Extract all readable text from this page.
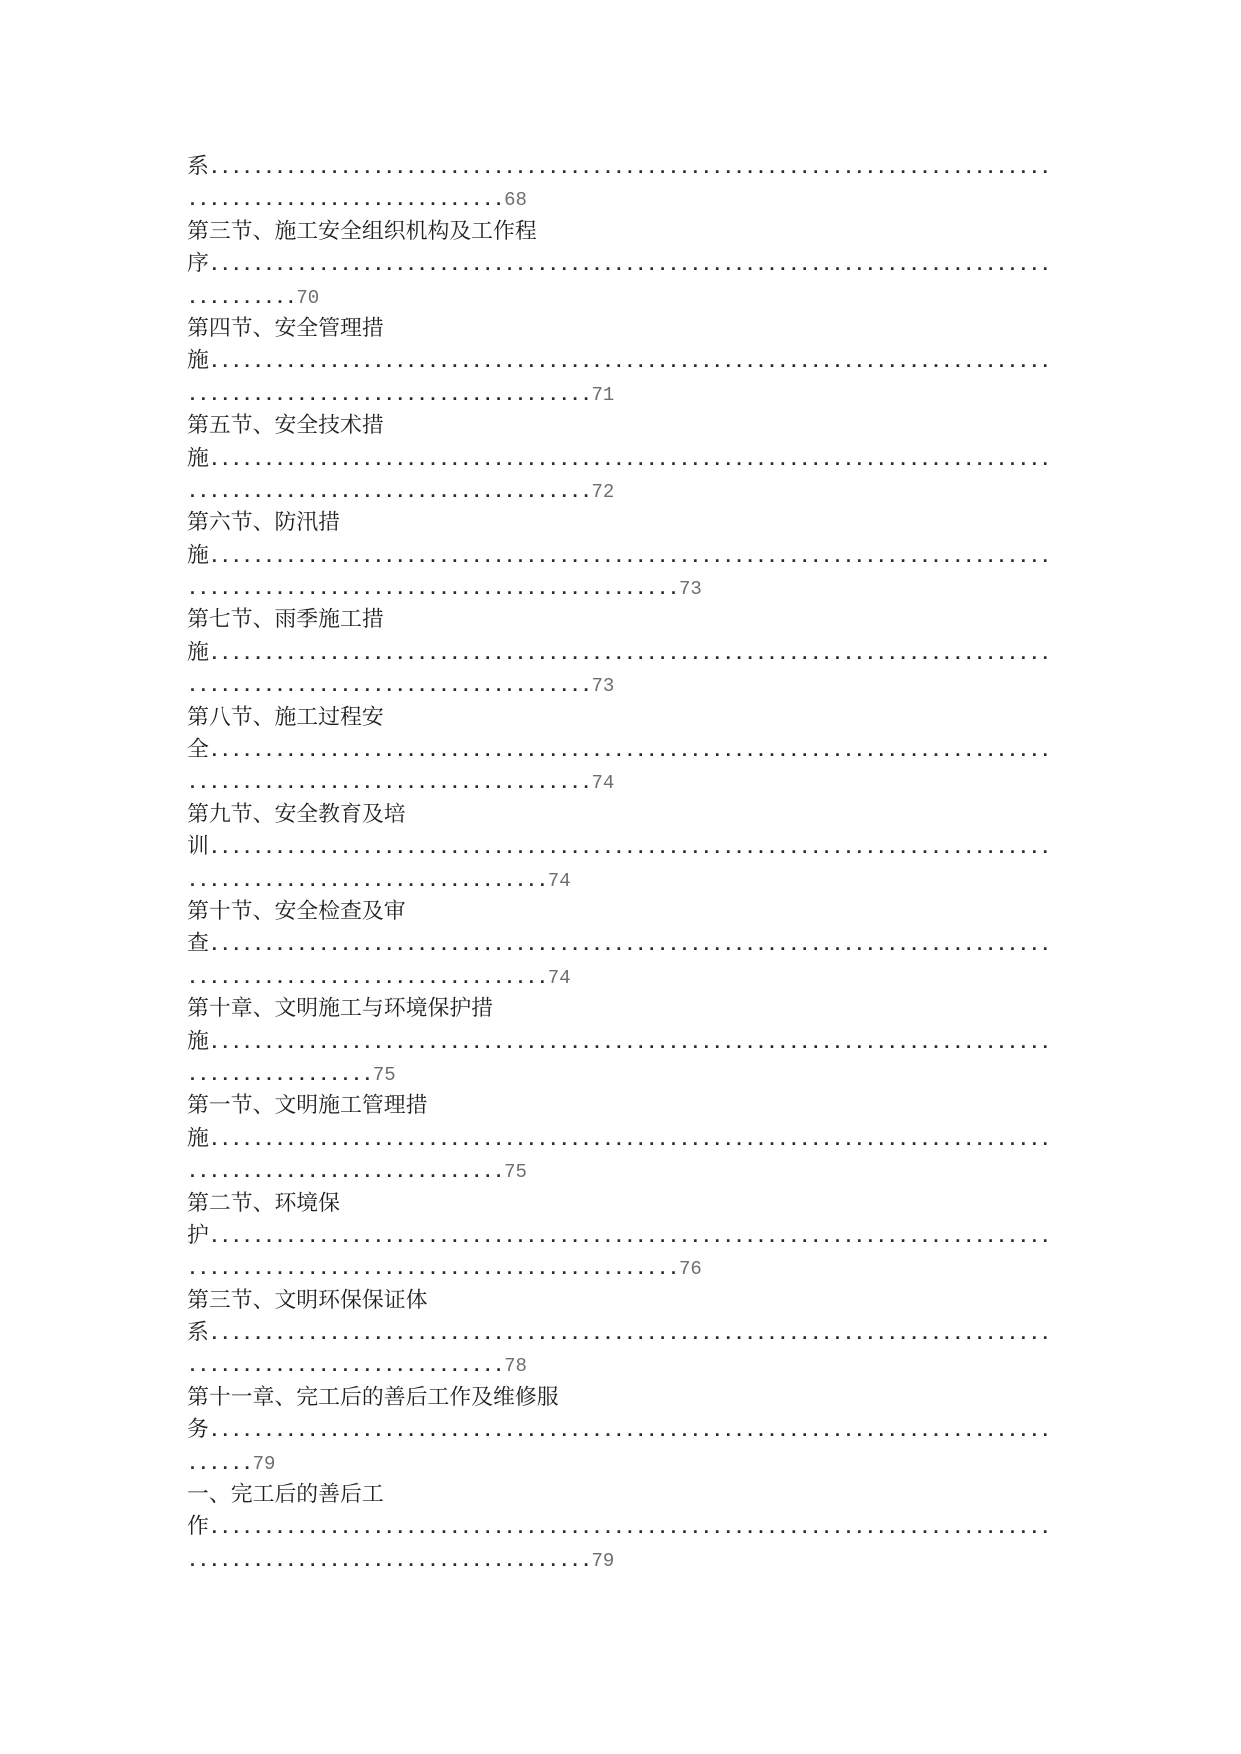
系.............................................................................
.............................68
第三节、施工安全组织机构及工作程
序.............................................................................
..........70
第四节、安全管理措
施.............................................................................
.....................................71
第五节、安全技术措
施.............................................................................
.....................................72
第六节、防汛措
施.............................................................................
.............................................73
第七节、雨季施工措
施.............................................................................
.....................................73
第八节、施工过程安
全.............................................................................
.....................................74
第九节、安全教育及培
训.............................................................................
.................................74
第十节、安全检查及审
查.............................................................................
.................................74
第十章、文明施工与环境保护措
施.............................................................................
.................75
第一节、文明施工管理措
施.............................................................................
.............................75
第二节、环境保
护.............................................................................
.............................................76
第三节、文明环保保证体
系.............................................................................
.............................78
第十一章、完工后的善后工作及维修服
务.............................................................................
......79
一、完工后的善后工
作.............................................................................
.....................................79
